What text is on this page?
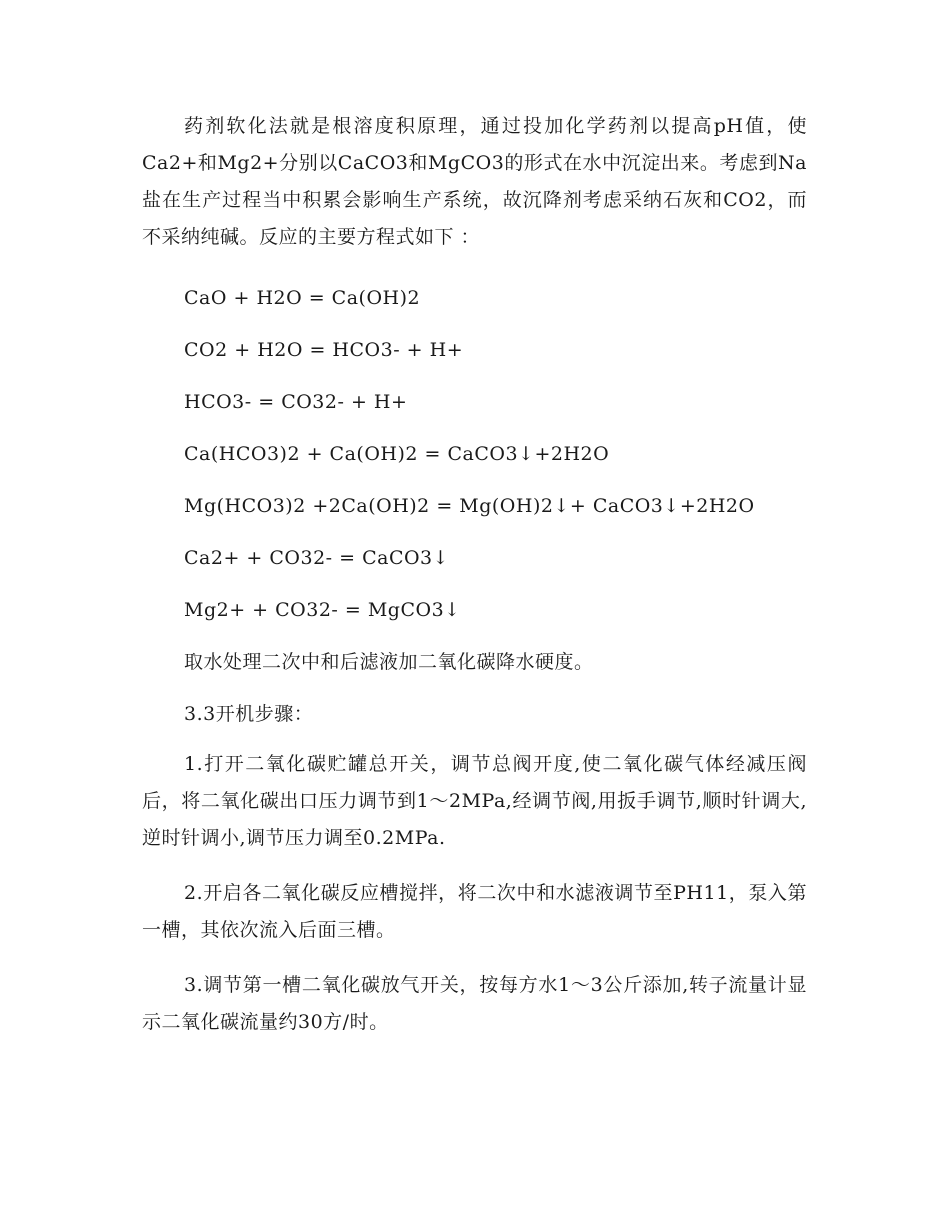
药剂软化法就是根溶度积原理，通过投加化学药剂以提高pH值，使Ca2+和Mg2+分别以CaCO3和MgCO3的形式在水中沉淀出来。考虑到Na盐在生产过程当中积累会影响生产系统，故沉降剂考虑采纳石灰和CO2，而不采纳纯碱。反应的主要方程式如下 ：

CaO + H2O = Ca(OH)2

CO2 + H2O = HCO3- + H+

HCO3- = CO32- + H+

Ca(HCO3)2 + Ca(OH)2 = CaCO3↓+2H2O

Mg(HCO3)2 +2Ca(OH)2 = Mg(OH)2↓+ CaCO3↓+2H2O

Ca2+ + CO32- = CaCO3↓

Mg2+ + CO32- = MgCO3↓

取水处理二次中和后滤液加二氧化碳降水硬度。

3.3开机步骤：

1.打开二氧化碳贮罐总开关，调节总阀开度,使二氧化碳气体经减压阀后，将二氧化碳出口压力调节到1～2MPa,经调节阀,用扳手调节,顺时针调大,逆时针调小,调节压力调至0.2MPa.

2.开启各二氧化碳反应槽搅拌，将二次中和水滤液调节至PH11，泵入第一槽，其依次流入后面三槽。

3.调节第一槽二氧化碳放气开关，按每方水1～3公斤添加,转子流量计显示二氧化碳流量约30方/时。
